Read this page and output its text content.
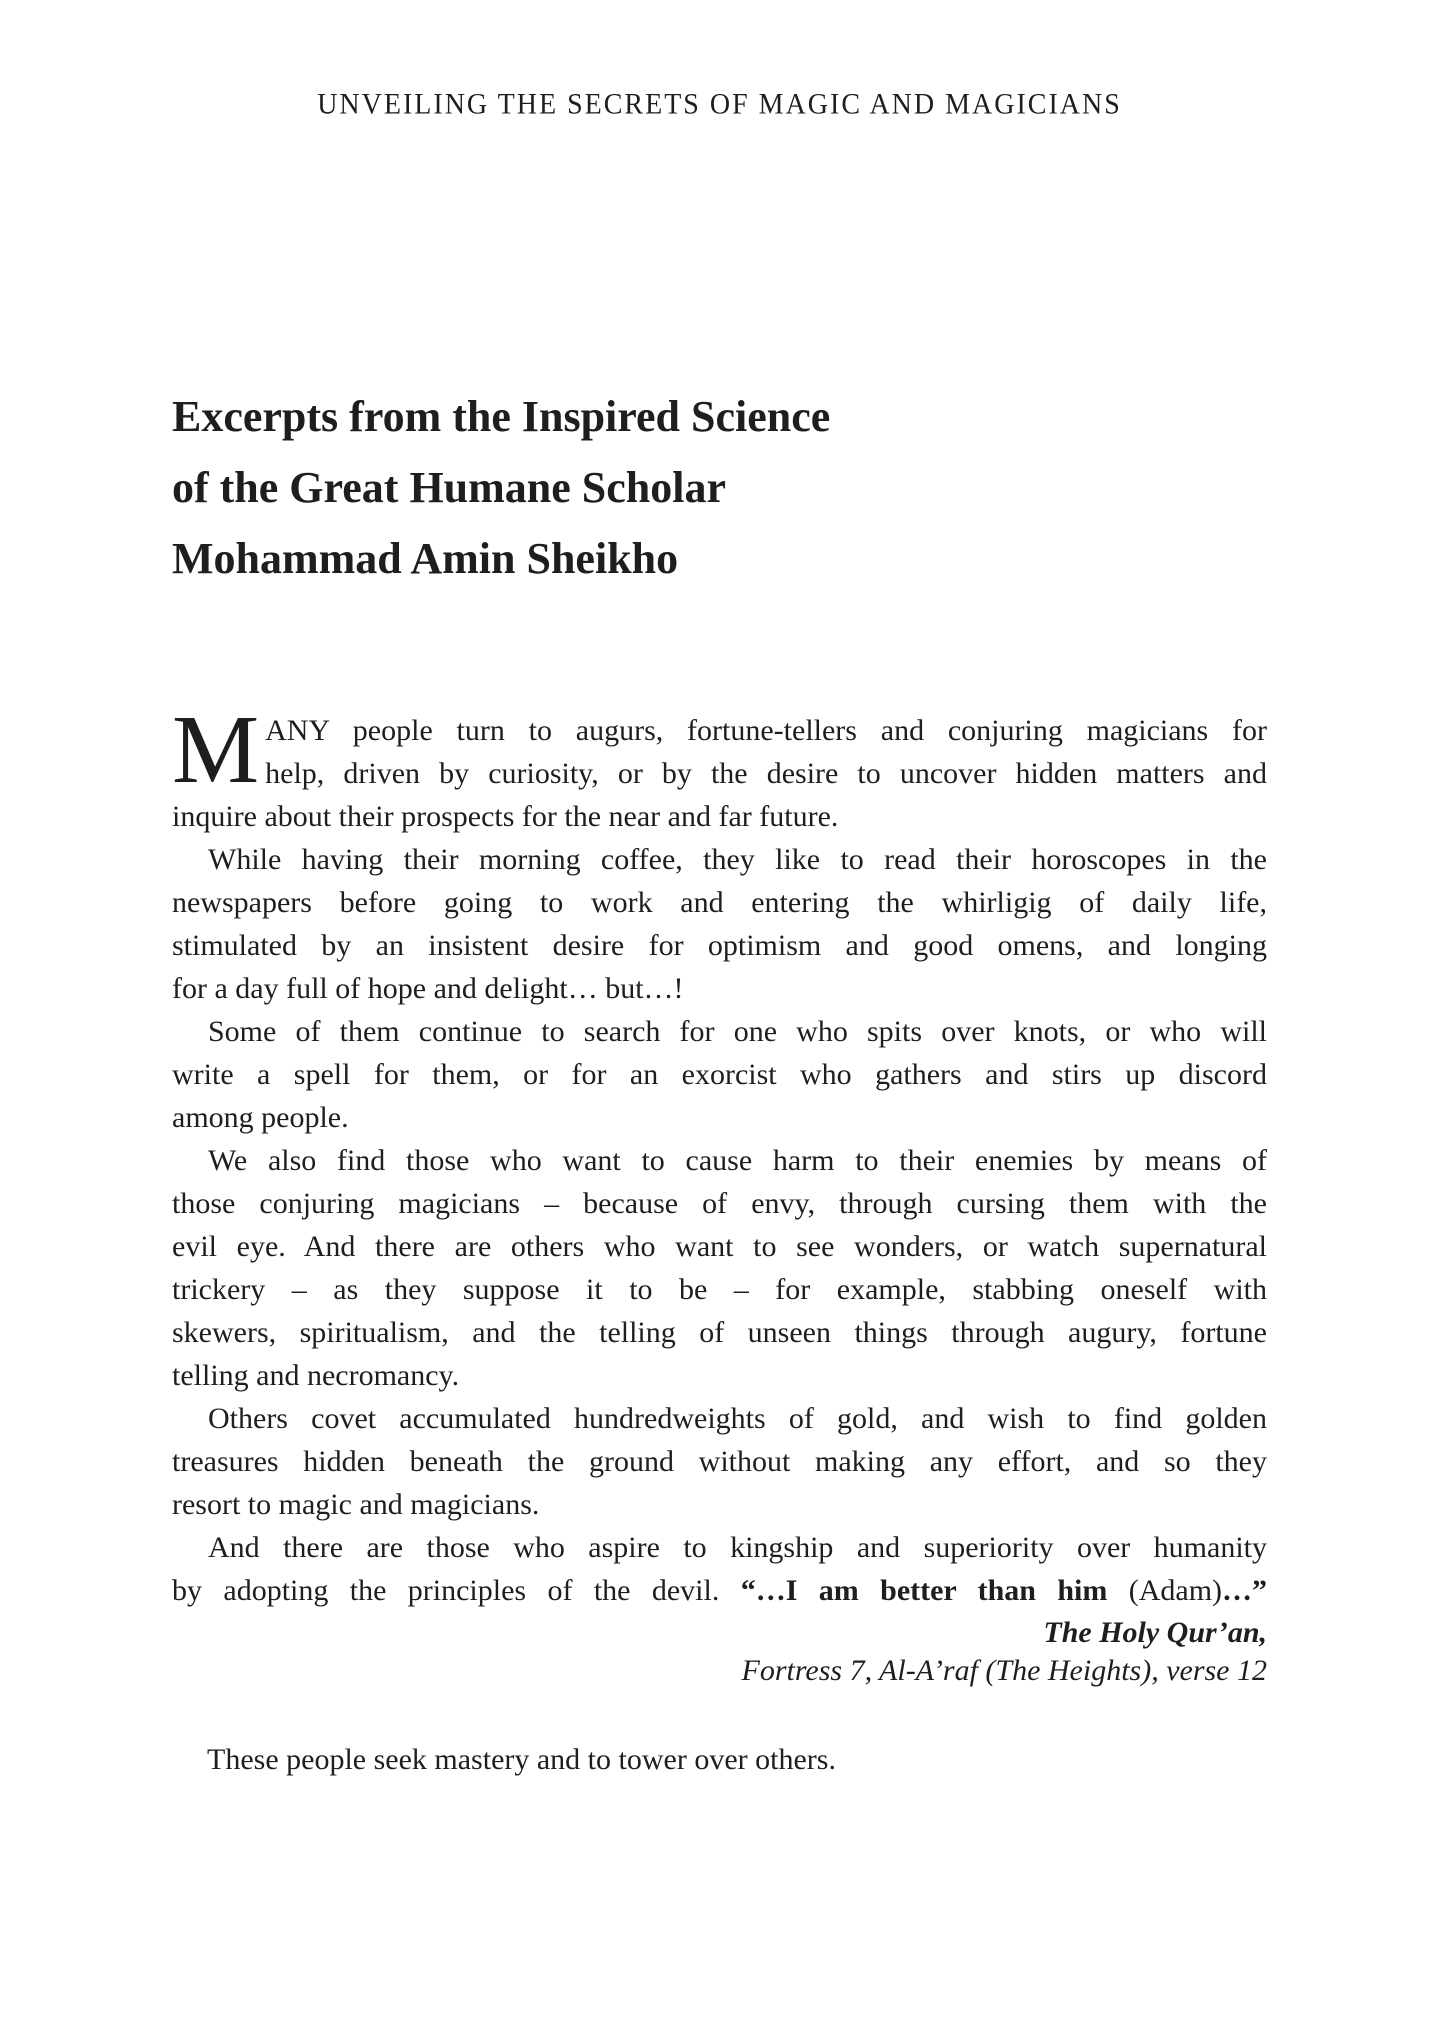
UNVEILING THE SECRETS OF MAGIC AND MAGICIANS
Excerpts from the Inspired Science
of the Great Humane Scholar
Mohammad Amin Sheikho
M ANY people turn to augurs, fortune-tellers and conjuring magicians for
help, driven by curiosity, or by the desire to uncover hidden matters and
inquire about their prospects for the near and far future.
While having their morning coffee, they like to read their horoscopes in the
newspapers before going to work and entering the whirligig of daily life,
stimulated by an insistent desire for optimism and good omens, and longing
for a day full of hope and delight… but…!
Some of them continue to search for one who spits over knots, or who will
write a spell for them, or for an exorcist who gathers and stirs up discord
among people.
We also find those who want to cause harm to their enemies by means of
those conjuring magicians – because of envy, through cursing them with the
evil eye. And there are others who want to see wonders, or watch supernatural
trickery – as they suppose it to be – for example, stabbing oneself with
skewers, spiritualism, and the telling of unseen things through augury, fortune
telling and necromancy.
Others covet accumulated hundredweights of gold, and wish to find golden
treasures hidden beneath the ground without making any effort, and so they
resort to magic and magicians.
And there are those who aspire to kingship and superiority over humanity
by adopting the principles of the devil. “…I am better than him (Adam)…”
The Holy Qur’an,
Fortress 7, Al-A’raf (The Heights), verse 12
These people seek mastery and to tower over others.
